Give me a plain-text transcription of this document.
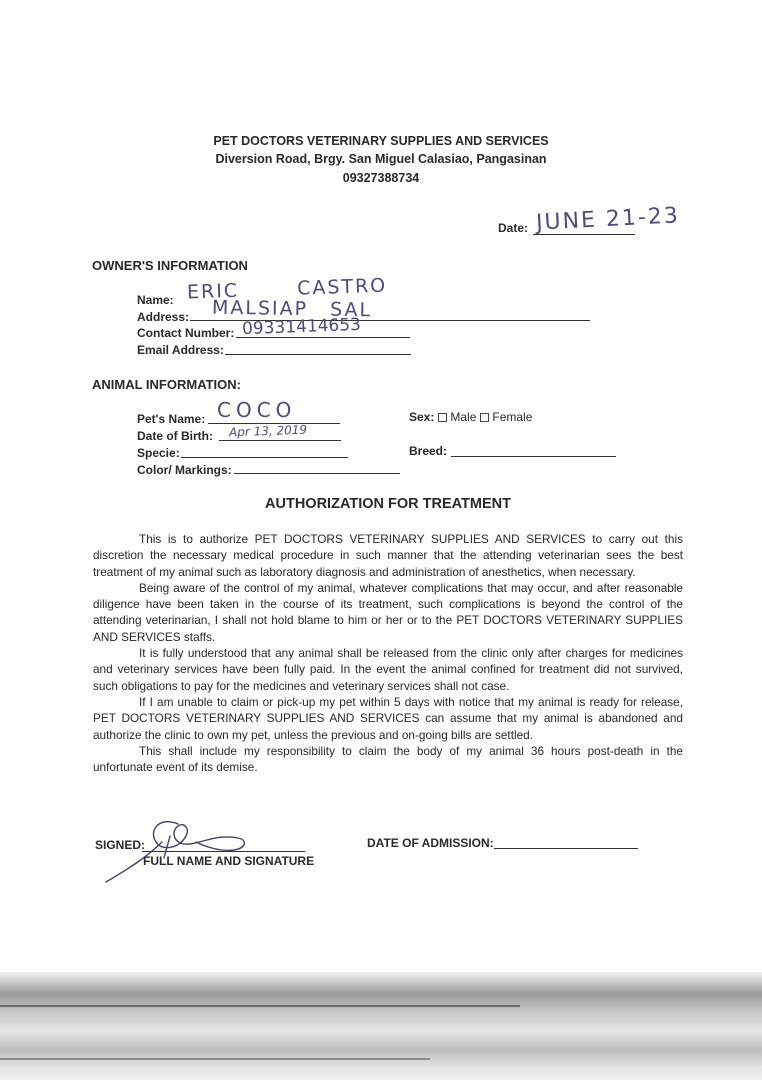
PET DOCTORS VETERINARY SUPPLIES AND SERVICES
Diversion Road, Brgy. San Miguel Calasiao, Pangasinan
09327388734
Date: JUNE 21-23
OWNER'S INFORMATION
Name: ERIC CASTRO
Address: MALSIAP SAL
Contact Number: 09331414653
Email Address:
ANIMAL INFORMATION:
Pet's Name: COCO
Date of Birth: Apr 13, 2019
Specie:
Color/ Markings:
Sex: Male Female
Breed:
AUTHORIZATION FOR TREATMENT

This is to authorize PET DOCTORS VETERINARY SUPPLIES AND SERVICES to carry out this discretion the necessary medical procedure in such manner that the attending veterinarian sees the best treatment of my animal such as laboratory diagnosis and administration of anesthetics, when necessary.

Being aware of the control of my animal, whatever complications that may occur, and after reasonable diligence have been taken in the course of its treatment, such complications is beyond the control of the attending veterinarian, I shall not hold blame to him or her or to the PET DOCTORS VETERINARY SUPPLIES AND SERVICES staffs.

It is fully understood that any animal shall be released from the clinic only after charges for medicines and veterinary services have been fully paid. In the event the animal confined for treatment did not survived, such obligations to pay for the medicines and veterinary services shall not case.

If I am unable to claim or pick-up my pet within 5 days with notice that my animal is ready for release, PET DOCTORS VETERINARY SUPPLIES AND SERVICES can assume that my animal is abandoned and authorize the clinic to own my pet, unless the previous and on-going bills are settled.

This shall include my responsibility to claim the body of my animal 36 hours post-death in the unfortunate event of its demise.

SIGNED:
FULL NAME AND SIGNATURE
DATE OF ADMISSION:
